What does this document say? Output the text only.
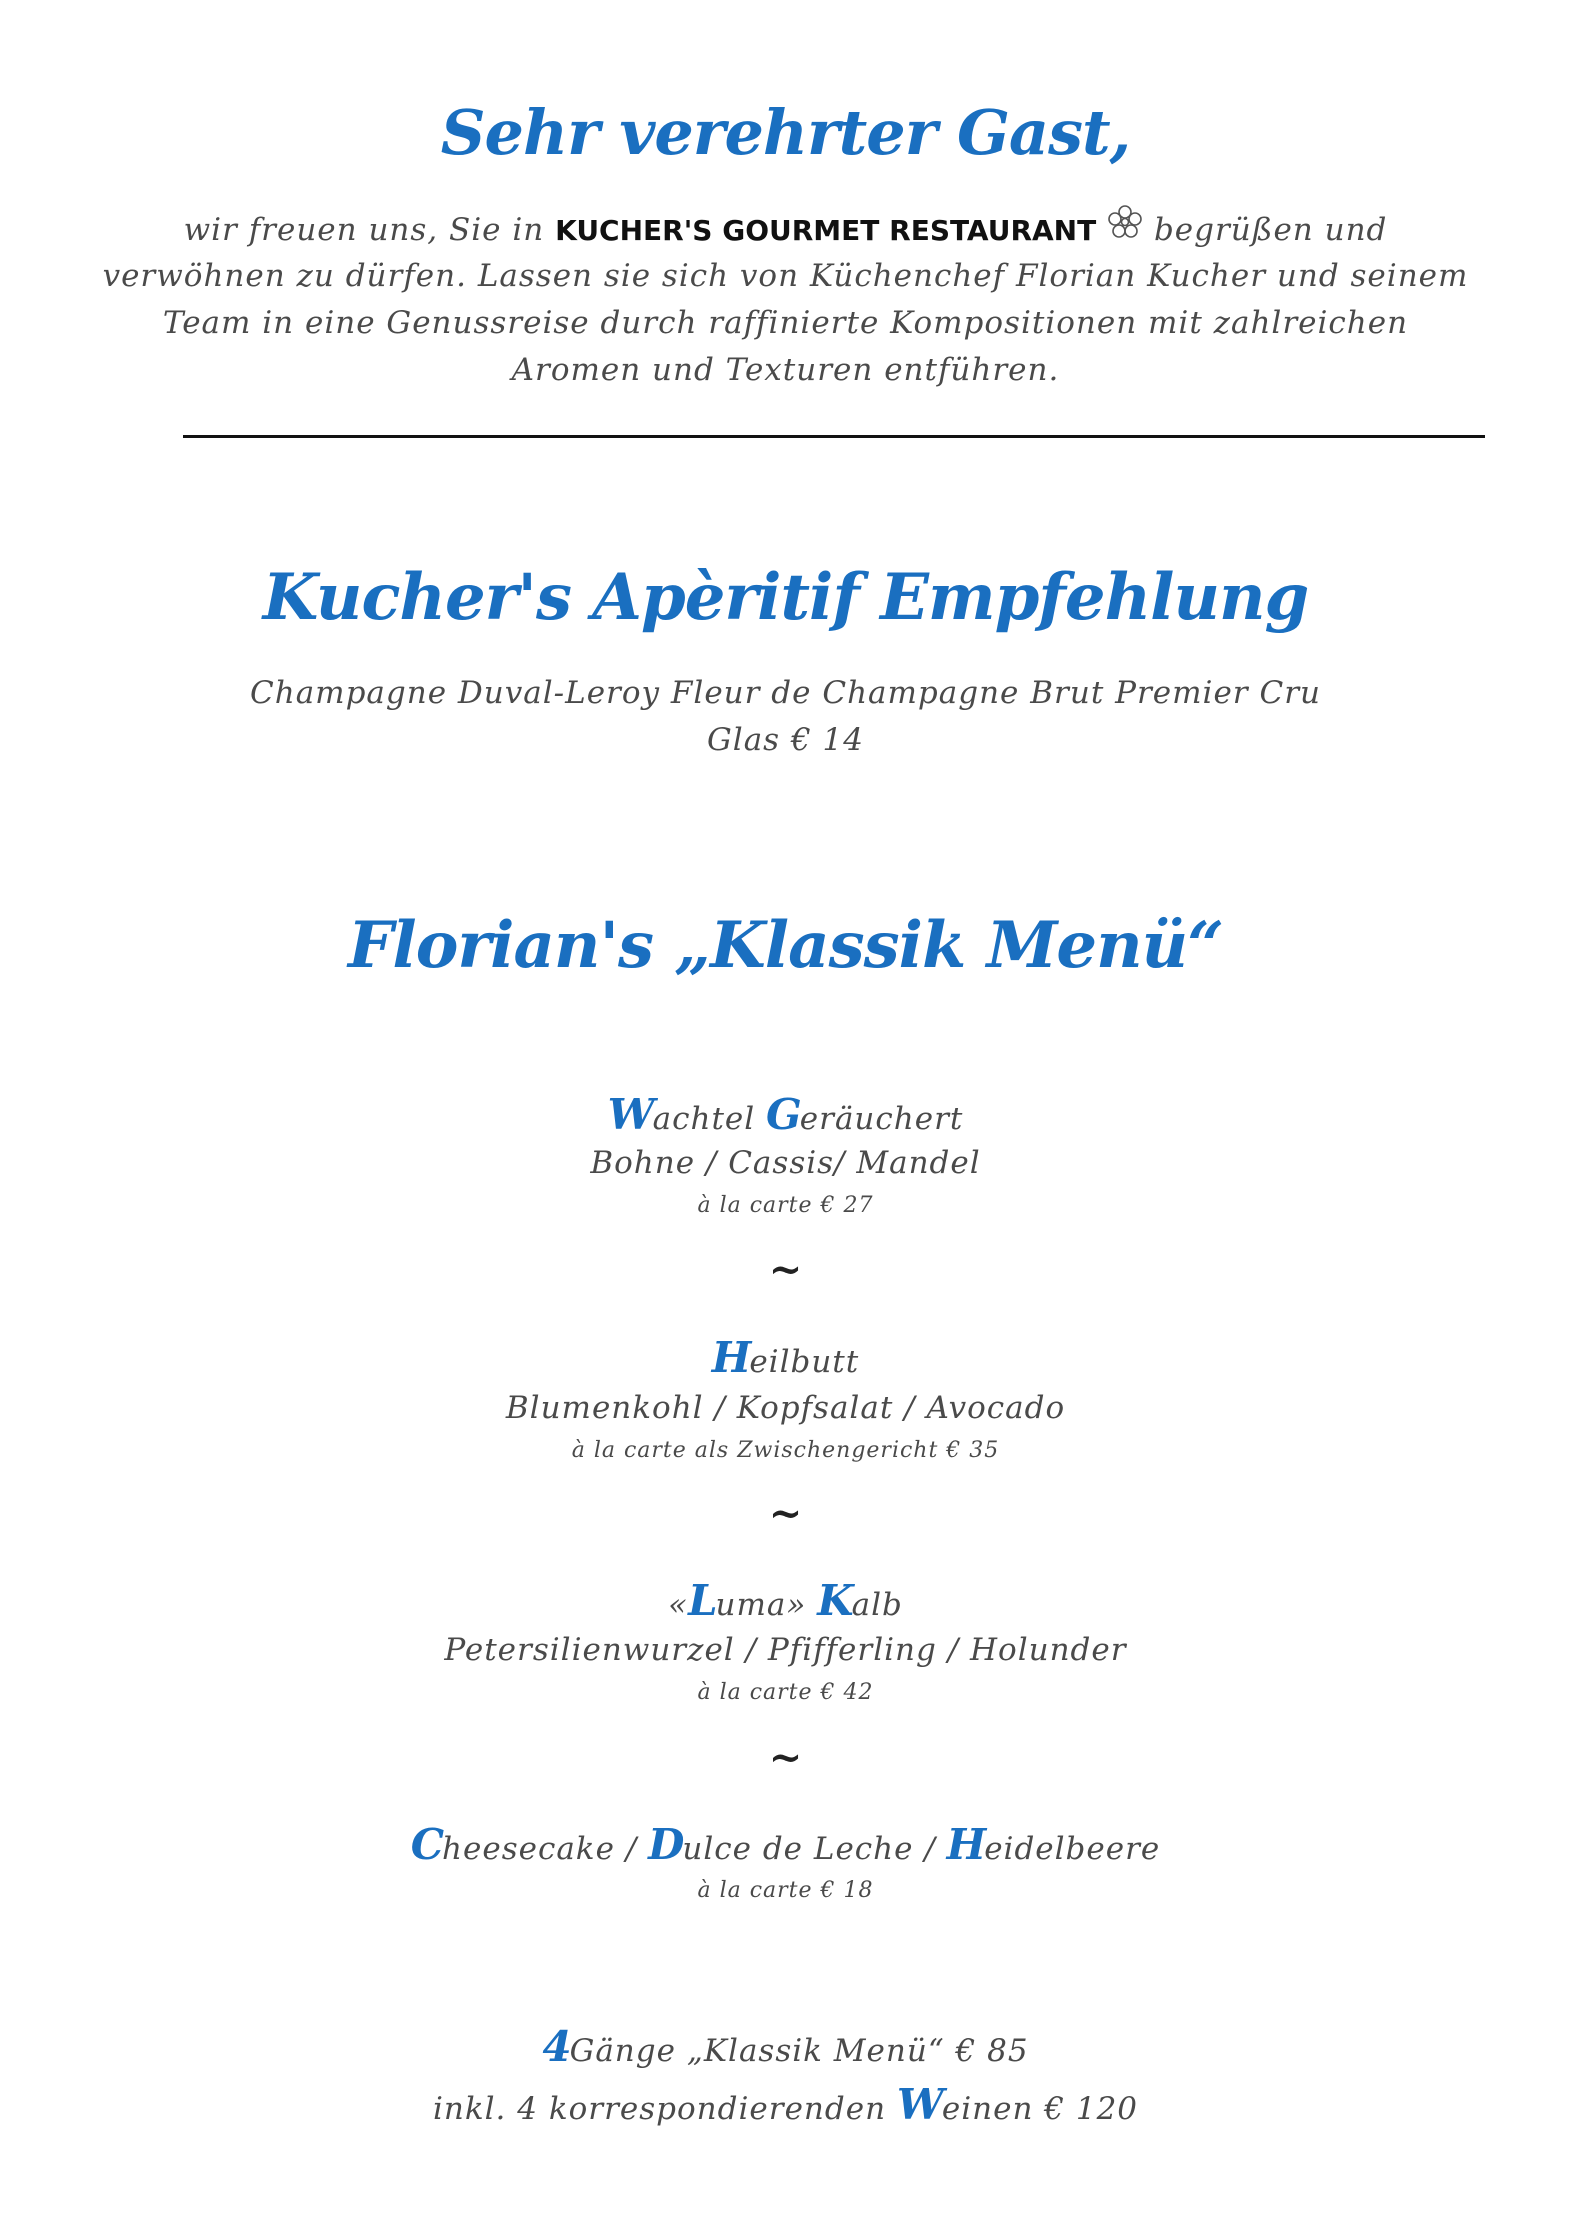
Sehr verehrter Gast,
wir freuen uns, Sie in KUCHER'S GOURMET RESTAURANT begrüßen und
verwöhnen zu dürfen. Lassen sie sich von Küchenchef Florian Kucher und seinem
Team in eine Genussreise durch raffinierte Kompositionen mit zahlreichen
Aromen und Texturen entführen.
Kucher's Apèritif Empfehlung
Champagne Duval-Leroy Fleur de Champagne Brut Premier Cru
Glas € 14
Florian's „Klassik Menü“
Wachtel Geräuchert
Bohne / Cassis/ Mandel
à la carte € 27
~
Heilbutt
Blumenkohl / Kopfsalat / Avocado
à la carte als Zwischengericht € 35
~
«Luma» Kalb
Petersilienwurzel / Pfifferling / Holunder
à la carte € 42
~
Cheesecake / Dulce de Leche / Heidelbeere
à la carte € 18
4Gänge „Klassik Menü“ € 85
inkl. 4 korrespondierenden Weinen € 120
